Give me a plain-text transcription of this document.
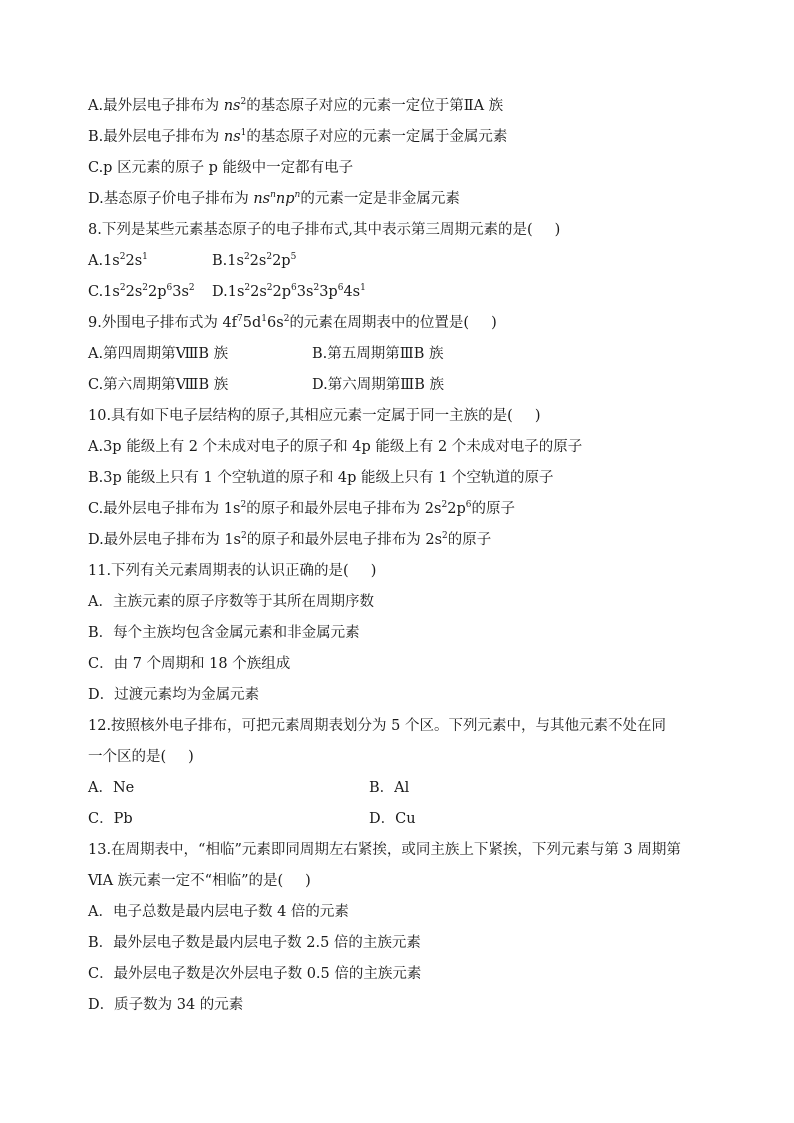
A.最外层电子排布为 $ns^2$的基态原子对应的元素一定位于第ⅡA 族
B.最外层电子排布为 $ns^1$的基态原子对应的元素一定属于金属元素
C.p 区元素的原子 p 能级中一定都有电子
D.基态原子价电子排布为 $ns^nnp^n$的元素一定是非金属元素
8.下列是某些元素基态原子的电子排布式,其中表示第三周期元素的是( )
$A.1s^22s^1$	$B.1s^22s^22p^5$
$C.1s^22s^22p^63s^2$	$D.1s^22s^22p^63s^23p^64s^1$
9.外围电子排布式为 $4f^75d^16s^2$的元素在周期表中的位置是( )
A.第四周期第ⅧB 族	B.第五周期第ⅢB 族
C.第六周期第ⅧB 族	D.第六周期第ⅢB 族
10.具有如下电子层结构的原子,其相应元素一定属于同一主族的是( )
A.3p 能级上有 2 个未成对电子的原子和 4p 能级上有 2 个未成对电子的原子
B.3p 能级上只有 1 个空轨道的原子和 4p 能级上只有 1 个空轨道的原子
C.最外层电子排布为 $1s^2$的原子和最外层电子排布为 $2s^22p^6$的原子
D.最外层电子排布为 $1s^2$的原子和最外层电子排布为 $2s^2$的原子
11.下列有关元素周期表的认识正确的是( )
A．主族元素的原子序数等于其所在周期序数
B．每个主族均包含金属元素和非金属元素
C．由 7 个周期和 18 个族组成
D．过渡元素均为金属元素
12.按照核外电子排布，可把元素周期表划分为 5 个区。下列元素中，与其他元素不处在同
一个区的是( )
A．Ne	B．Al
C．Pb	D．Cu
13.在周期表中，“相临”元素即同周期左右紧挨，或同主族上下紧挨，下列元素与第 3 周期第
ⅥA 族元素一定不“相临”的是( )
A．电子总数是最内层电子数 4 倍的元素
B．最外层电子数是最内层电子数 2.5 倍的主族元素
C．最外层电子数是次外层电子数 0.5 倍的主族元素
D．质子数为 34 的元素
